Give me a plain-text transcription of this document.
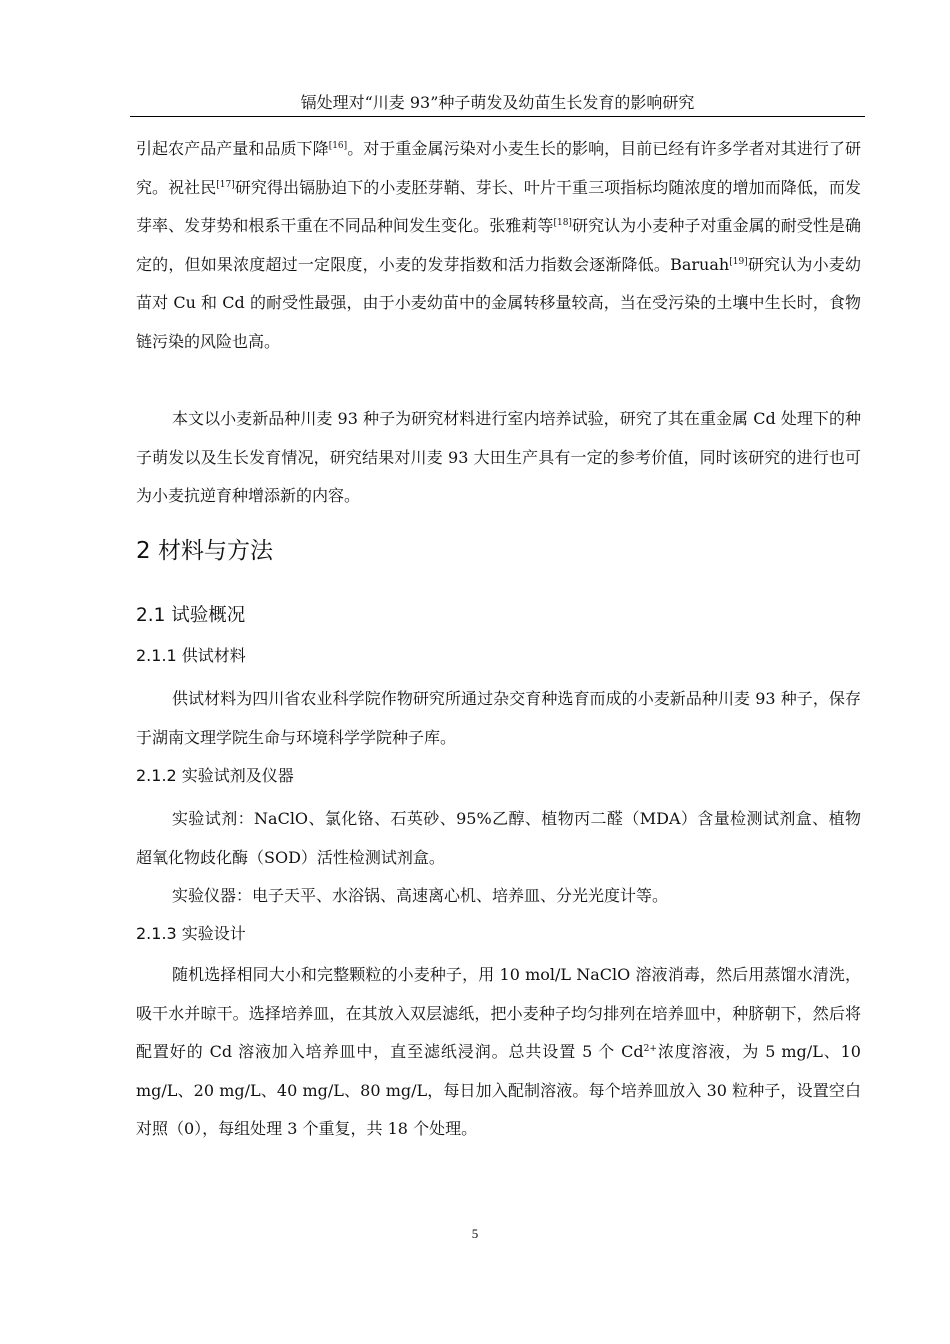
镉处理对“川麦 93”种子萌发及幼苗生长发育的影响研究

引起农产品产量和品质下降[16]。对于重金属污染对小麦生长的影响，目前已经有许多学者对其进行了研究。祝社民[17]研究得出镉胁迫下的小麦胚芽鞘、芽长、叶片干重三项指标均随浓度的增加而降低，而发芽率、发芽势和根系干重在不同品种间发生变化。张雅莉等[18]研究认为小麦种子对重金属的耐受性是确定的，但如果浓度超过一定限度，小麦的发芽指数和活力指数会逐渐降低。Baruah[19]研究认为小麦幼苗对 Cu 和 Cd 的耐受性最强，由于小麦幼苗中的金属转移量较高，当在受污染的土壤中生长时，食物链污染的风险也高。

本文以小麦新品种川麦 93 种子为研究材料进行室内培养试验，研究了其在重金属 Cd 处理下的种子萌发以及生长发育情况，研究结果对川麦 93 大田生产具有一定的参考价值，同时该研究的进行也可为小麦抗逆育种增添新的内容。

2 材料与方法
2.1 试验概况
2.1.1 供试材料

供试材料为四川省农业科学院作物研究所通过杂交育种选育而成的小麦新品种川麦 93 种子，保存于湖南文理学院生命与环境科学学院种子库。

2.1.2 实验试剂及仪器

实验试剂：NaClO、氯化铬、石英砂、95%乙醇、植物丙二醛（MDA）含量检测试剂盒、植物超氧化物歧化酶（SOD）活性检测试剂盒。

实验仪器：电子天平、水浴锅、高速离心机、培养皿、分光光度计等。

2.1.3 实验设计

随机选择相同大小和完整颗粒的小麦种子，用 10 mol/L NaClO 溶液消毒，然后用蒸馏水清洗，吸干水并晾干。选择培养皿，在其放入双层滤纸，把小麦种子均匀排列在培养皿中，种脐朝下，然后将配置好的 Cd 溶液加入培养皿中，直至滤纸浸润。总共设置 5 个 $Cd^{2+}$浓度溶液，为 5 mg/L、10 mg/L、20 mg/L、40 mg/L、80 mg/L，每日加入配制溶液。每个培养皿放入 30 粒种子，设置空白对照（0），每组处理 3 个重复，共 18 个处理。

5
